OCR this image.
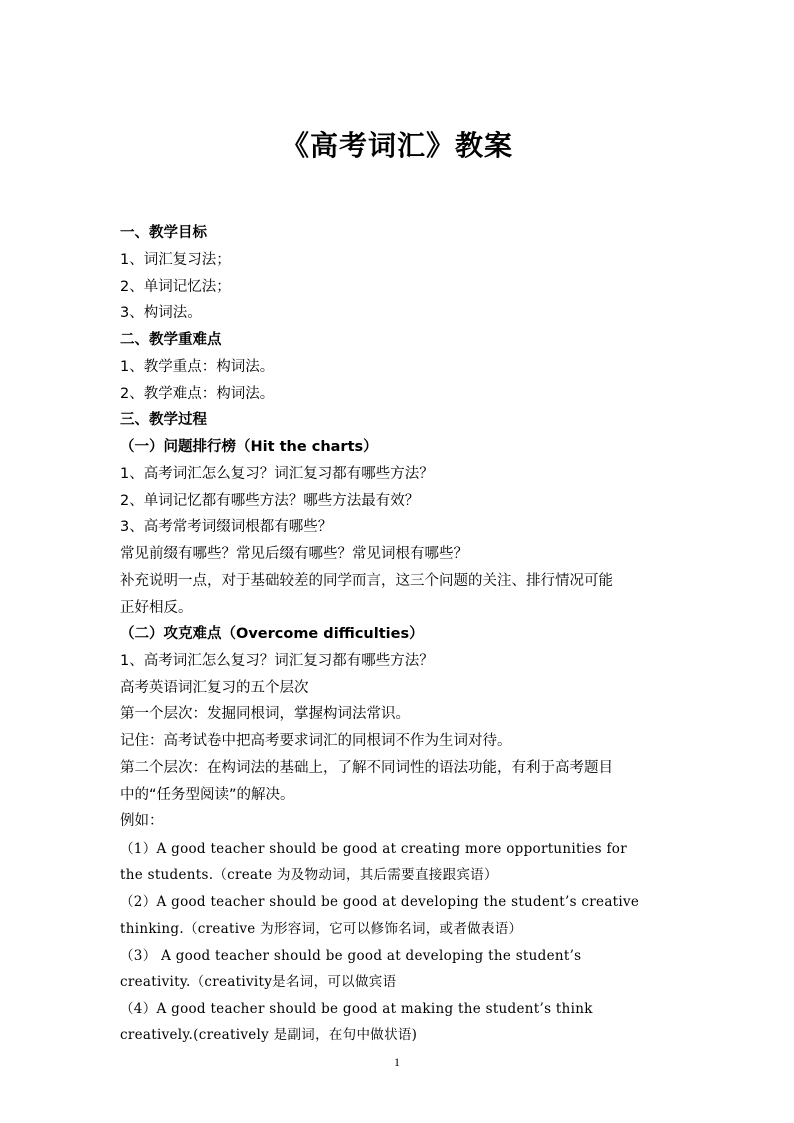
《高考词汇》教案
一、教学目标
1、词汇复习法；
2、单词记忆法；
3、构词法。
二、教学重难点
1、教学重点：构词法。
2、教学难点：构词法。
三、教学过程
（一）问题排行榜（Hit the charts）
1、高考词汇怎么复习？词汇复习都有哪些方法？
2、单词记忆都有哪些方法？哪些方法最有效？
3、高考常考词缀词根都有哪些？
常见前缀有哪些？常见后缀有哪些？常见词根有哪些？
补充说明一点，对于基础较差的同学而言，这三个问题的关注、排行情况可能
正好相反。
（二）攻克难点（Overcome difficulties）
1、高考词汇怎么复习？词汇复习都有哪些方法？
高考英语词汇复习的五个层次
第一个层次：发掘同根词，掌握构词法常识。
记住：高考试卷中把高考要求词汇的同根词不作为生词对待。
第二个层次：在构词法的基础上，了解不同词性的语法功能，有利于高考题目
中的“任务型阅读”的解决。
例如：
（1）A good teacher should be good at creating more opportunities for
the students.（create 为及物动词，其后需要直接跟宾语）
（2）A good teacher should be good at developing the student’s creative
thinking.（creative 为形容词，它可以修饰名词，或者做表语）
（3） A good teacher should be good at developing the student’s
creativity.（creativity是名词，可以做宾语
（4）A good teacher should be good at making the student’s think
creatively.(creatively 是副词，在句中做状语)
1
